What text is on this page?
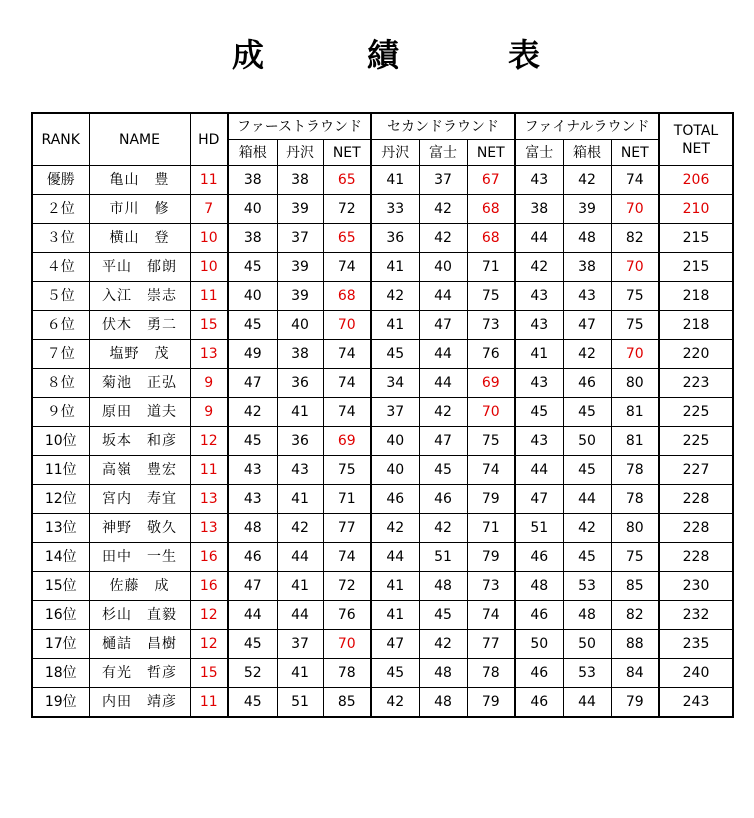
成	績	表
RANK	NAME	HD	ファーストラウンド			セカンドラウンド			ファイナルラウンド			TOTAL NET
			箱根	丹沢	NET	丹沢	富士	NET	富士	箱根	NET	
優勝	亀山　豊	11	38	38	65	41	37	67	43	42	74	206
２位	市川　修	7	40	39	72	33	42	68	38	39	70	210
３位	横山　登	10	38	37	65	36	42	68	44	48	82	215
４位	平山　郁朗	10	45	39	74	41	40	71	42	38	70	215
５位	入江　崇志	11	40	39	68	42	44	75	43	43	75	218
６位	伏木　勇二	15	45	40	70	41	47	73	43	47	75	218
７位	塩野　茂	13	49	38	74	45	44	76	41	42	70	220
８位	菊池　正弘	9	47	36	74	34	44	69	43	46	80	223
９位	原田　道夫	9	42	41	74	37	42	70	45	45	81	225
10位	坂本　和彦	12	45	36	69	40	47	75	43	50	81	225
11位	高嶺　豊宏	11	43	43	75	40	45	74	44	45	78	227
12位	宮内　寿宜	13	43	41	71	46	46	79	47	44	78	228
13位	神野　敬久	13	48	42	77	42	42	71	51	42	80	228
14位	田中　一生	16	46	44	74	44	51	79	46	45	75	228
15位	佐藤　成	16	47	41	72	41	48	73	48	53	85	230
16位	杉山　直毅	12	44	44	76	41	45	74	46	48	82	232
17位	樋詰　昌樹	12	45	37	70	47	42	77	50	50	88	235
18位	有光　哲彦	15	52	41	78	45	48	78	46	53	84	240
19位	内田　靖彦	11	45	51	85	42	48	79	46	44	79	243
